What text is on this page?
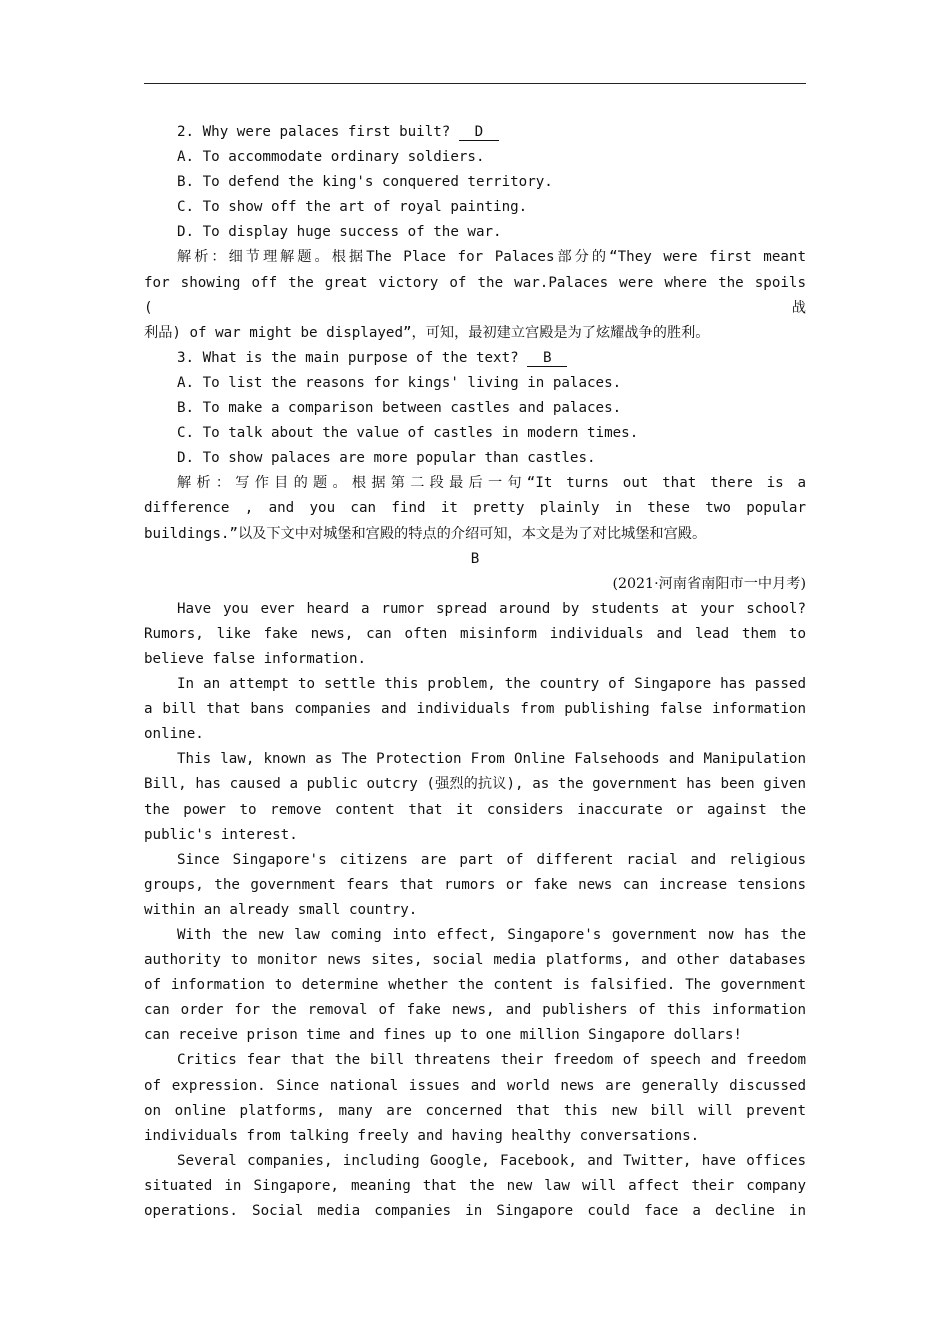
2. Why were palaces first built? D
A. To accommodate ordinary soldiers.
B. To defend the king's conquered territory.
C. To show off the art of royal painting.
D. To display huge success of the war.
解析：细节理解题。根据The Place for Palaces部分的“They were first meant
for showing off the great victory of the war.Palaces were where the spoils (战
利品) of war might be displayed”，可知，最初建立宫殿是为了炫耀战争的胜利。
3. What is the main purpose of the text? B
A. To list the reasons for kings' living in palaces.
B. To make a comparison between castles and palaces.
C. To talk about the value of castles in modern times.
D. To show palaces are more popular than castles.
解析：写作目的题。根据第二段最后一句“It turns out that there is a
difference , and you can find it pretty plainly in these two popular
buildings.”以及下文中对城堡和宫殿的特点的介绍可知，本文是为了对比城堡和宫殿。
B
(2021·河南省南阳市一中月考)
Have you ever heard a rumor spread around by students at your school? Rumors, like fake news, can often misinform individuals and lead them to believe false information.
In an attempt to settle this problem, the country of Singapore has passed a bill that bans companies and individuals from publishing false information online.
This law, known as The Protection From Online Falsehoods and Manipulation Bill, has caused a public outcry (强烈的抗议), as the government has been given the power to remove content that it considers inaccurate or against the public's interest.
Since Singapore's citizens are part of different racial and religious groups, the government fears that rumors or fake news can increase tensions within an already small country.
With the new law coming into effect, Singapore's government now has the authority to monitor news sites, social media platforms, and other databases of information to determine whether the content is falsified. The government can order for the removal of fake news, and publishers of this information can receive prison time and fines up to one million Singapore dollars!
Critics fear that the bill threatens their freedom of speech and freedom of expression. Since national issues and world news are generally discussed on online platforms, many are concerned that this new bill will prevent individuals from talking freely and having healthy conversations.
Several companies, including Google, Facebook, and Twitter, have offices situated in Singapore, meaning that the new law will affect their company operations. Social media companies in Singapore could face a decline in
